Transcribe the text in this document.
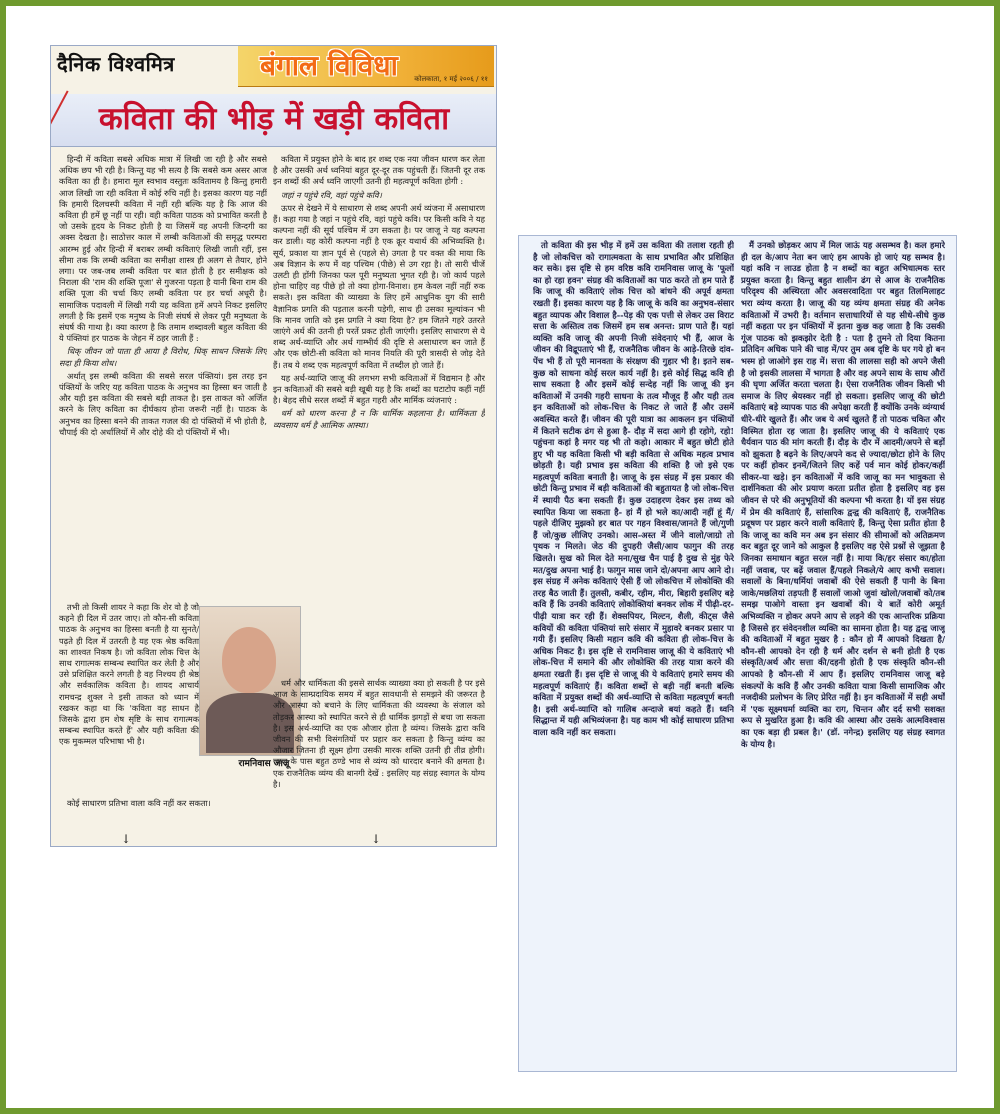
दैनिक विश्वमित्र	बंगाल विविधा कोलकाता, १ मई २००६ / ११
कविता की भीड़ में खड़ी कविता

हिन्दी में कविता सबसे अधिक मात्रा में लिखी जा रही है और सबसे अधिक छप भी रही है। किन्तु यह भी सत्य है कि सबसे कम असर आज कविता का ही है। हमारा मूल स्वभाव वस्तुतः कवितामय है किन्तु हमारी आज लिखी जा रही कविता में कोई रुचि नहीं है। इसका कारण यह नहीं कि हमारी दिलचस्पी कविता में नहीं रही बल्कि यह है कि आज की कविता ही हमें छू नहीं पा रही। वही कविता पाठक को प्रभावित करती है जो उसके हृदय के निकट होती है या जिसमें वह अपनी जिन्दगी का अक्स देखता है। साठोत्तर काल में लम्बी कविताओं की समृद्ध परम्परा आरम्भ हुई और हिन्दी में बराबर लम्बी कविताएं लिखी जाती रहीं, इस सीमा तक कि लम्बी कविता का समीक्षा शास्त्र ही अलग से तैयार, होने लगा। पर जब-जब लम्बी कविता पर बात होती है हर समीक्षक को निराला की 'राम की शक्ति पूजा' से गुजरना पड़ता है यानी बिना राम की शक्ति पूजा की चर्चा किए लम्बी कविता पर हर चर्चा अधूरी है। सामाजिक पदावली में लिखी गयी यह कविता हमें अपने निकट इसलिए लगती है कि इसमें एक मनुष्य के निजी संघर्ष से लेकर पूरी मनुष्यता के संघर्ष की गाथा है। क्या कारण है कि तमाम शब्दावली बहुल कविता की ये पंक्तियां हर पाठक के जेहन में ठहर जाती हैं :

धिक् जीवन जो पाता ही आया है विरोध, धिक् साधन जिसके लिए सदा ही किया शोध।

अर्थात् इस लम्बी कविता की सबसे सरल पंक्तियां। इस तरह इन पंक्तियों के जरिए यह कविता पाठक के अनुभव का हिस्सा बन जाती है और यही इस कविता की सबसे बड़ी ताकत है। इस ताकत को अर्जित करने के लिए कविता का दीर्घकाय होना जरूरी नहीं है। पाठक के अनुभव का हिस्सा बनने की ताकत गजल की दो पंक्तियों में भी होती है, चौपाई की दो अर्धालियों में और दोहे की दो पंक्तियों में भी।

तभी तो किसी शायर ने कहा कि शेर वो है जो कहने ही दिल में उतर जाए। तो कौन-सी कविता पाठक के अनुभव का हिस्सा बनती है या सुनते/पढ़ते ही दिल में उतरती है यह एक श्रेष्ठ कविता का शाश्वत निकष है। जो कविता लोक चित्त के साथ रागात्मक सम्बन्ध स्थापित कर लेती है और उसे प्रशिक्षित करने लगती है वह निश्चय ही श्रेष्ठ और सर्वकालिक कविता है। शायद आचार्य रामचन्द्र शुक्ल ने इसी ताकत को ध्यान में रखकर कहा था कि 'कविता वह साधन है जिसके द्वारा हम शेष सृष्टि के साथ रागात्मक सम्बन्ध स्थापित करते हैं' और यही कविता की एक मुकम्मल परिभाषा भी है।

रामनिवास जाजू

कविता में प्रयुक्त होने के बाद हर शब्द एक नया जीवन धारण कर लेता है और उसकी अर्थ ध्वनियां बहुत दूर-दूर तक पहुंचती हैं। जितनी दूर तक इन शब्दों की अर्थ ध्वनि जाएगी उतनी ही महत्वपूर्ण कविता होगी :

जहां न पहुंचे रवि, वहां पहुंचे कवि।

ऊपर से देखने में ये साधारण से शब्द अपनी अर्थ व्यंजना में असाधारण हैं। कहा गया है जहां न पहुंचे रवि, वहां पहुंचे कवि। पर किसी कवि ने यह कल्पना नहीं की सूर्य पश्चिम में उग सकता है। पर जाजू ने यह कल्पना कर डाली। यह कोरी कल्पना नहीं है एक क्रूर यथार्थ की अभिव्यक्ति है। सूर्य, प्रकाश या ज्ञान पूर्व से (पहले से) उगता है पर वक्त की माया कि अब विज्ञान के रूप में वह पश्चिम (पीछे) से उग रहा है। तो सारी चीजें उलटी ही होंगी जिनका फल पूरी मनुष्यता भुगत रही है। जो कार्य पहले होना चाहिए वह पीछे हो तो क्या होगा-विनाश। हम केवल नहीं नहीं रुक सकते। इस कविता की व्याख्या के लिए हमें आधुनिक युग की सारी वैज्ञानिक प्रगति की पड़ताल करनी पड़ेगी, साथ ही उसका मूल्यांकन भी कि मानव जाति को इस प्रगति ने क्या दिया है? हम जितने गहरे उतरते जाएंगे अर्थ की उतनी ही परतें प्रकट होती जाएंगी। इसलिए साधारण से ये शब्द अर्थ-व्याप्ति और अर्थ गाम्भीर्य की दृष्टि से असाधारण बन जाते हैं और एक छोटी-सी कविता को मानव नियति की पूरी त्रासदी से जोड़ देते हैं। तब ये शब्द एक महत्वपूर्ण कविता में तब्दील हो जाते हैं।

यह अर्थ-व्याप्ति जाजू की लगभग सभी कविताओं में विद्यमान है और इन कविताओं की सबसे बड़ी खूबी यह है कि शब्दों का घटाटोप कहीं नहीं है। बेहद सीधे सरल शब्दों में बहुत गहरी और मार्मिक व्यंजनाएं :

धर्म को धारण करना है न कि धार्मिक कहलाना है। धार्मिकता है व्यवसाय धर्म है आत्मिक आस्था।

धर्म और धार्मिकता की इससे सार्थक व्याख्या क्या हो सकती है पर इसे आज के साम्प्रदायिक समय में बहुत सावधानी से समझने की जरूरत है और आस्था को बचाने के लिए धार्मिकता की व्यवस्था के संजाल को तोड़कर आस्था को स्थापित करने से ही धार्मिक झगड़ों से बचा जा सकता है। इस अर्थ-व्याप्ति का एक औजार होता है व्यंग्य। जिसके द्वारा कवि जीवन की सभी विसंगतियों पर प्रहार कर सकता है किन्तु व्यंग्य का औजार जितना ही सूक्ष्म होगा उसकी मारक शक्ति उतनी ही तीव्र होगी। जाजू के पास बहुत ठण्डे भाव से व्यंग्य को धारदार बनाने की क्षमता है। एक राजनैतिक व्यंग्य की बानगी देखें : इसलिए यह संग्रह स्वागत के योग्य है।

कोई साधारण प्रतिभा वाला कवि नहीं कर सकता।

↓	↓

तो कविता की इस भीड़ में हमें उस कविता की तलाश रहती ही है जो लोकचित्त को रागात्मकता के साथ प्रभावित और प्रशिक्षित कर सके। इस दृष्टि से हम वरिष्ठ कवि रामनिवास जाजू के 'फूलों का हो रहा हवन' संग्रह की कविताओं का पाठ करते तो हम पाते हैं कि जाजू की कविताएं लोक चित्त को बांधने की अपूर्व क्षमता रखती हैं। इसका कारण यह है कि जाजू के कवि का अनुभव-संसार बहुत व्यापक और विशाल है--पेड़ की एक पत्ती से लेकर उस विराट सत्ता के अस्तित्व तक जिसमें हम सब अनन्त: प्राण पाते हैं। यहां व्यक्ति कवि जाजू की अपनी निजी संवेदनाएं भी हैं, आज के जीवन की विद्रूपताएं भी हैं, राजनैतिक जीवन के आड़े-तिरछे दांव-पेंच भी हैं तो पूरी मानवता के संरक्षण की गुहार भी है। इतने सब-कुछ को साधना कोई सरल कार्य नहीं है। इसे कोई सिद्ध कवि ही साध सकता है और इसमें कोई सन्देह नहीं कि जाजू की इन कविताओं में उनकी गहरी साधना के तत्व मौजूद हैं और यही तत्व इन कविताओं को लोक-चित्त के निकट ले जाते हैं और उसमें अवस्थित करते हैं। जीवन की पूरी यात्रा का आकलन इन पंक्तियों में कितने सटीक ढंग से हुआ है- दौड़ में सदा आगे ही रहोगे, रहो! पहुंचना कहां है मगर यह भी तो कहो। आकार में बहुत छोटी होते हुए भी यह कविता किसी भी बड़ी कविता से अधिक महत्व प्रभाव छोड़ती है। यही प्रभाव इस कविता की शक्ति है जो इसे एक महत्वपूर्ण कविता बनाती है। जाजू के इस संग्रह में इस प्रकार की छोटी किन्तु प्रभाव में बड़ी कविताओं की बहुतायत है जो लोक-चित्त में स्थायी पैठ बना सकती हैं। कुछ उदाहरण देकर इस तथ्य को स्थापित किया जा सकता है- हां मैं हो भले का/आदी नहीं हूं मैं/पहले दीजिए मुझको हर बात पर गहन विश्वास/जानते हैं जो/गुणी हैं जो/कुछ लीजिए उनको। आस-अस्त में जीने वालो/जाग्रो तो पृथक न मिलते। जेठ की दुपहरी जैसी/आय फागुन की तरह खिलते। सुख को मिल देते मना/सुख चैन पाई है दुख से मुंह फेरे मत/दुख अपना भाई है। फागुन मास जाने दो/अपना आप आने दो। इस संग्रह में अनेक कविताएं ऐसी हैं जो लोकचित्त में लोकोक्ति की तरह बैठ जाती हैं। तुलसी, कबीर, रहीम, मीरा, बिहारी इसलिए बड़े कवि हैं कि उनकी कविताएं लोकोक्तियां बनकर लोक में पीढ़ी-दर-पीढ़ी यात्रा कर रही हैं। शेक्सपियर, मिल्टन, शैली, कीट्स जैसे कवियों की कविता पंक्तियां सारे संसार में मुहावरे बनकर प्रसार पा गयी हैं। इसलिए किसी महान कवि की कविता ही लोक-चित्त के अधिक निकट है। इस दृष्टि से रामनिवास जाजू की ये कविताएं भी लोक-चित्त में समाने की और लोकोक्ति की तरह यात्रा करने की क्षमता रखती हैं। इस दृष्टि से जाजू की ये कविताएं हमारे समय की महत्वपूर्ण कविताएं हैं। कविता शब्दों से बड़ी नहीं बनती बल्कि कविता में प्रयुक्त शब्दों की अर्थ-व्याप्ति से कविता महत्वपूर्ण बनती है। इसी अर्थ-व्याप्ति को गालिब अन्दाजे बयां कहते हैं। ध्वनि सिद्धान्त में यही अभिव्यंजना है। यह काम भी कोई साधारण प्रतिभा वाला कवि नहीं कर सकता।

मैं उनको छोड़कर आप में मिल जाऊं यह असम्भव है। कल हमारे ही दल के/आप नेता बन जाएं हम आपके हो जाएं यह सम्भव है। यहां कवि न लाउड होता है न शब्दों का बहुत अभिधात्मक स्तर प्रयुक्त करता है। किन्तु बहुत शालीन ढंग से आज के राजनैतिक परिदृश्य की अस्थिरता और अवसरवादिता पर बहुत तिलमिलाहट भरा व्यंग्य करता है। जाजू की यह व्यंग्य क्षमता संग्रह की अनेक कविताओं में उभरी है। वर्तमान सत्ताधारियों से यह सीधे-सीधे कुछ नहीं कहता पर इन पंक्तियों में इतना कुछ कह जाता है कि उसकी गूंज पाठक को झकझोर देती है : पता है तुमने तो दिया कितना प्रतिदिन अधिक पाने की चाह में/पर तुम अब दृष्टि के घर गये हो बन भस्म हो जाओगे इस राह में। सत्ता की लालसा सही को अपने जैसी है जो इसकी लालसा में भागता है और वह अपने साथ के साथ औरों की घृणा अर्जित करता चलता है। ऐसा राजनैतिक जीवन किसी भी समाज के लिए श्रेयस्कर नहीं हो सकता। इसलिए जाजू की छोटी कविताएं बड़े व्यापक पाठ की अपेक्षा करती हैं क्योंकि उनके व्यंग्यार्थ धीरे-धीरे खुलते हैं। और जब ये अर्थ खुलते हैं तो पाठक चकित और विस्मित होता रह जाता है। इसलिए जाजू की ये कविताएं एक धैर्यवान पाठ की मांग करती हैं। दौड़ के दौर में आदमी/अपने से बड़ों को झुकता है बढ़ने के लिए/अपने कद से ज्यादा/छोटा होने के लिए पर कहीं होकर इनमें/जितने लिए कहें पर्व मान कोई होकर/कहीं सीकर-या खड़े। इन कविताओं में कवि जाजू का मन भावुकता से दार्शनिकता की ओर प्रयाण करता प्रतीत होता है इसलिए वह इस जीवन से परे की अनुभूतियों की कल्पना भी करता है। यों इस संग्रह में प्रेम की कविताएं हैं, सांसारिक द्वन्द्व की कविताएं हैं, राजनैतिक प्रदूषण पर प्रहार करने वाली कविताएं हैं, किन्तु ऐसा प्रतीत होता है कि जाजू का कवि मन अब इन संसार की सीमाओं को अतिक्रमण कर बहुत दूर जाने को आकुल है इसलिए वह ऐसे प्रश्नों से जूझता है जिनका समाधान बहुत सरल नहीं है। माया कि/हर संसार का/होता नहीं जवाब, पर बढ़ें जवाल हैं/पहले निकले/ये आए कभी सवाल। सवालों के बिना/धर्मियां जवाबों की ऐसे सकती हैं पानी के बिना जाके/मछलियां तड़पती हैं सवालों जाओ जुवां खोलो/जवाबों को/तब समझ पाओगे वास्ता इन खवाबों की। ये बातें कोरी अमूर्त अभिव्यक्ति न होकर अपने आप से लड़ने की एक आन्तरिक प्रक्रिया है जिससे हर संवेदनशील व्यक्ति का सामना होता है। यह द्वन्द्व जाजू की कविताओं में बहुत मुखर है : कौन हो मैं आपको दिखता है/कौन-सी आपको देन रही है धर्म और दर्शन से बनी होती है एक संस्कृति/अर्थ और सत्ता की/दहनी होती है एक संस्कृति कौन-सी आपको है कौन-सी में आप हैं। इसलिए रामनिवास जाजू बड़े संकल्पों के कवि हैं और उनकी कविता यात्रा किसी सामाजिक और नजदीकी प्रलोभन के लिए प्रेरित नहीं है। इन कविताओं में सही अर्थों में 'एक सूक्ष्मधर्मा व्यक्ति का राग, चिन्तन और दर्द सभी सशक्त रूप से मुखरित हुआ है। कवि की आस्था और उसके आत्मविश्वास का एक बड़ा ही प्रबल है।' (डॉ. नगेन्द्र) इसलिए यह संग्रह स्वागत के योग्य है।
